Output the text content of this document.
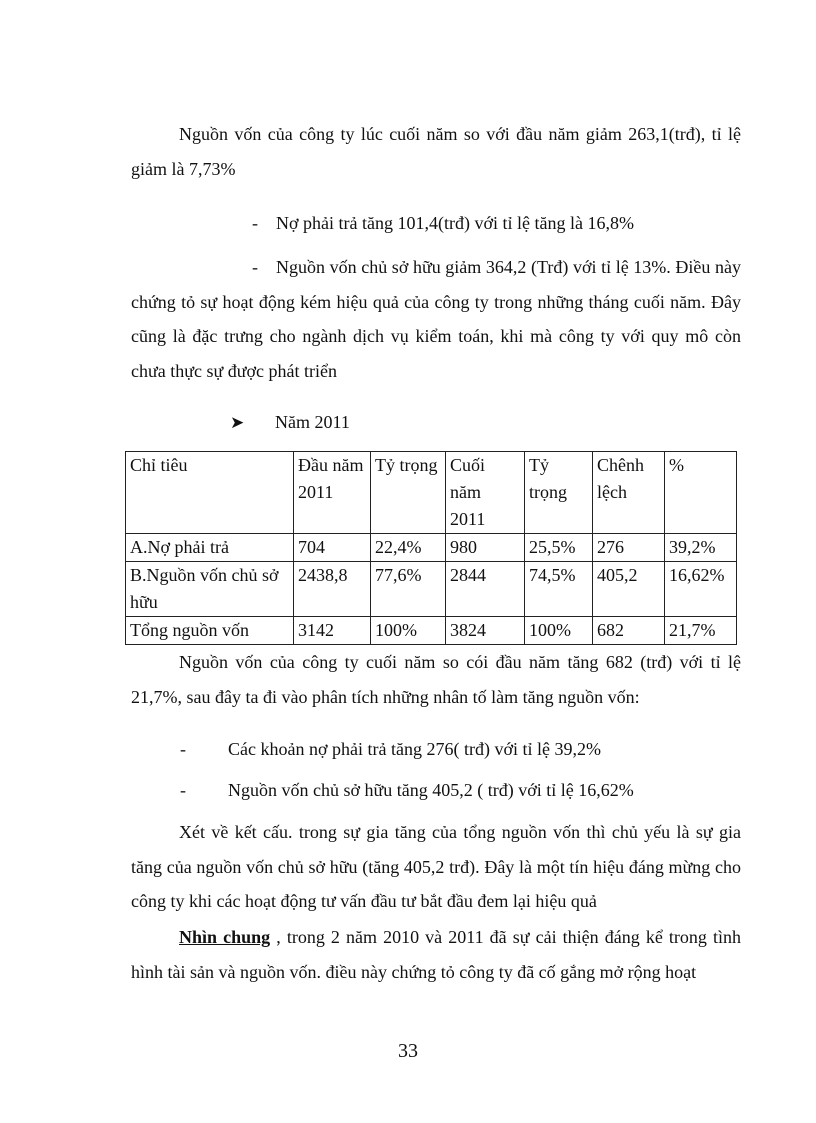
Nguồn vốn của công ty lúc cuối năm so với đầu năm giảm 263,1(trđ), tỉ lệ giảm là 7,73%

- Nợ phải trả tăng 101,4(trđ) với tỉ lệ tăng là 16,8%

- Nguồn vốn chủ sở hữu giảm 364,2 (Trđ) với tỉ lệ 13%. Điều này chứng tỏ sự hoạt động kém hiệu quả của công ty trong những tháng cuối năm. Đây cũng là đặc trưng cho ngành dịch vụ kiểm toán, khi mà công ty với quy mô còn chưa thực sự được phát triển

➤ Năm 2011
Chỉ tiêu	Đầu năm 2011	Tỷ trọng	Cuối năm 2011	Tỷ trọng	Chênh lệch	%
A.Nợ phải trả	704	22,4%	980	25,5%	276	39,2%
B.Nguồn vốn chủ sở hữu	2438,8	77,6%	2844	74,5%	405,2	16,62%
Tổng nguồn vốn	3142	100%	3824	100%	682	21,7%

Nguồn vốn của công ty cuối năm so cói đầu năm tăng 682 (trđ) với tỉ lệ 21,7%, sau đây ta đi vào phân tích những nhân tố làm tăng nguồn vốn:

- Các khoản nợ phải trả tăng 276( trđ) với tỉ lệ 39,2%
- Nguồn vốn chủ sở hữu tăng 405,2 ( trđ) với tỉ lệ 16,62%

Xét về kết cấu. trong sự gia tăng của tổng nguồn vốn thì chủ yếu là sự gia tăng của nguồn vốn chủ sở hữu (tăng 405,2 trđ). Đây là một tín hiệu đáng mừng cho công ty khi các hoạt động tư vấn đầu tư bắt đầu đem lại hiệu quả

Nhìn chung , trong 2 năm 2010 và 2011 đã sự cải thiện đáng kể trong tình hình tài sản và nguồn vốn. điều này chứng tỏ công ty đã cố gắng mở rộng hoạt

33
